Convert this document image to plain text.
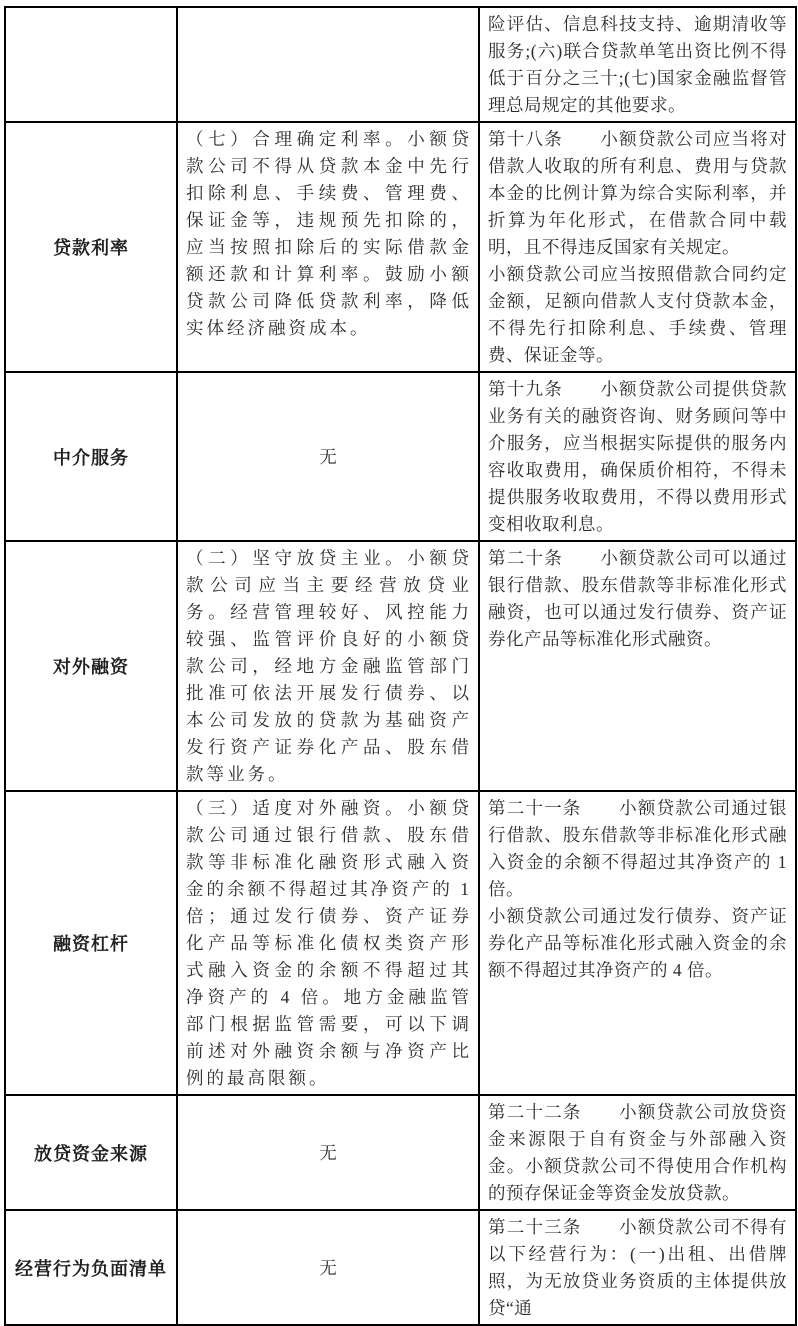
		险评估、信息科技支持、逾期清收等服务;(六)联合贷款单笔出资比例不得低于百分之三十;(七)国家金融监督管理总局规定的其他要求。

贷款利率	（七）合理确定利率。小额贷款公司不得从贷款本金中先行扣除利息、手续费、管理费、保证金等，违规预先扣除的，应当按照扣除后的实际借款金额还款和计算利率。鼓励小额贷款公司降低贷款利率，降低实体经济融资成本。	第十八条　　小额贷款公司应当将对借款人收取的所有利息、费用与贷款本金的比例计算为综合实际利率，并折算为年化形式，在借款合同中载明，且不得违反国家有关规定。

小额贷款公司应当按照借款合同约定金额，足额向借款人支付贷款本金，不得先行扣除利息、手续费、管理费、保证金等。

中介服务	无	第十九条　　小额贷款公司提供贷款业务有关的融资咨询、财务顾问等中介服务，应当根据实际提供的服务内容收取费用，确保质价相符，不得未提供服务收取费用，不得以费用形式变相收取利息。

对外融资	（二）坚守放贷主业。小额贷款公司应当主要经营放贷业务。经营管理较好、风控能力较强、监管评价良好的小额贷款公司，经地方金融监管部门批准可依法开展发行债券、以本公司发放的贷款为基础资产发行资产证券化产品、股东借款等业务。	第二十条　　小额贷款公司可以通过银行借款、股东借款等非标准化形式融资，也可以通过发行债券、资产证券化产品等标准化形式融资。

融资杠杆	（三）适度对外融资。小额贷款公司通过银行借款、股东借款等非标准化融资形式融入资金的余额不得超过其净资产的 1 倍；通过发行债券、资产证券化产品等标准化债权类资产形式融入资金的余额不得超过其净资产的 4 倍。地方金融监管部门根据监管需要，可以下调前述对外融资余额与净资产比例的最高限额。	第二十一条　　小额贷款公司通过银行借款、股东借款等非标准化形式融入资金的余额不得超过其净资产的 1 倍。

小额贷款公司通过发行债券、资产证券化产品等标准化形式融入资金的余额不得超过其净资产的 4 倍。

放贷资金来源	无	第二十二条　　小额贷款公司放贷资金来源限于自有资金与外部融入资金。小额贷款公司不得使用合作机构的预存保证金等资金发放贷款。

经营行为负面清单	无	第二十三条　　小额贷款公司不得有以下经营行为：(一)出租、出借牌照，为无放贷业务资质的主体提供放贷“通
